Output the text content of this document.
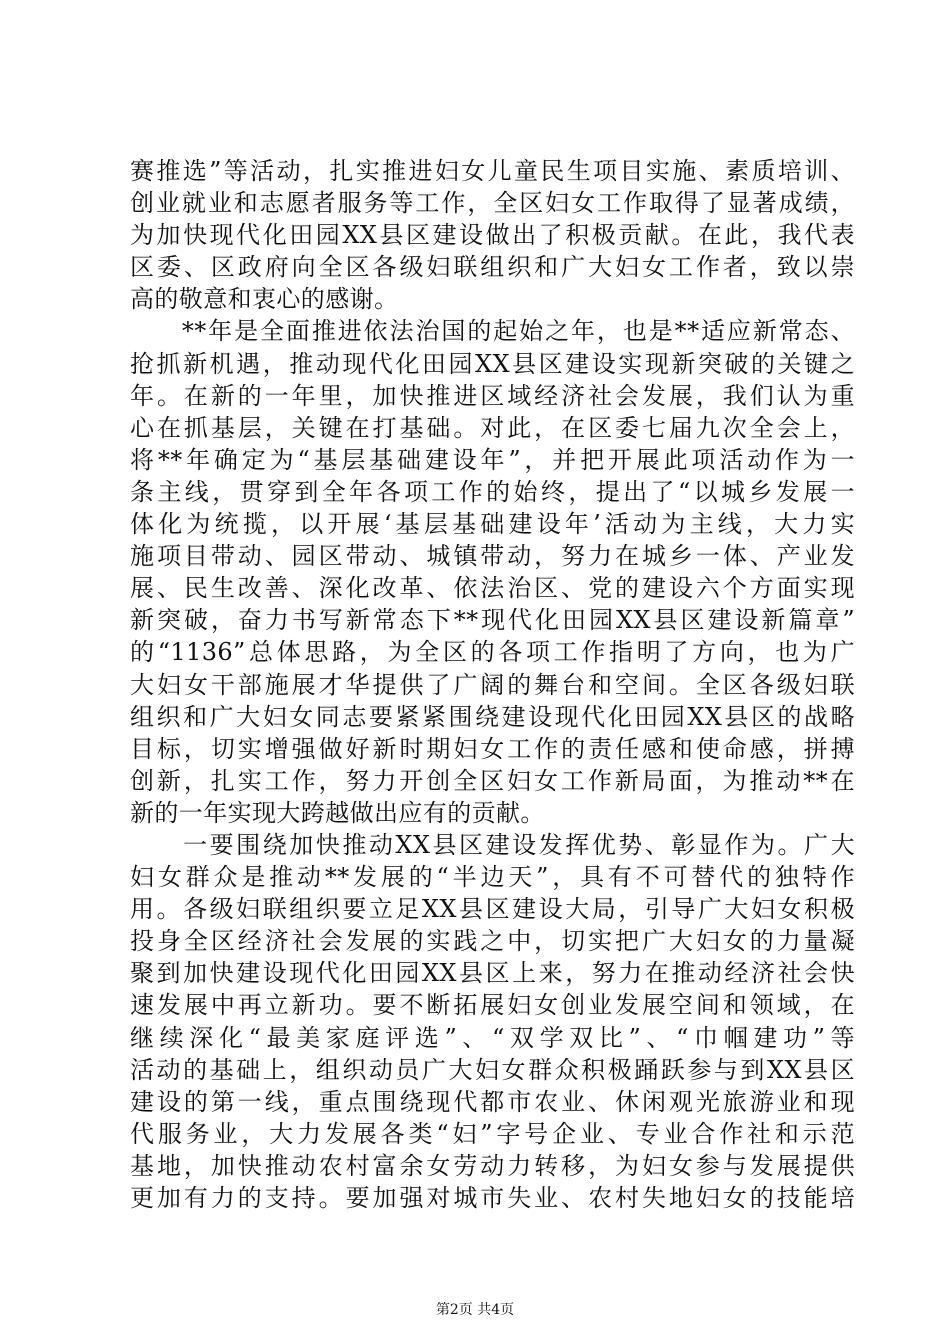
赛推选”等活动，扎实推进妇女儿童民生项目实施、素质培训、
创业就业和志愿者服务等工作，全区妇女工作取得了显著成绩，
为加快现代化田园XX县区建设做出了积极贡献。在此，我代表
区委、区政府向全区各级妇联组织和广大妇女工作者，致以崇
高的敬意和衷心的感谢。
　　**年是全面推进依法治国的起始之年，也是**适应新常态、
抢抓新机遇，推动现代化田园XX县区建设实现新突破的关键之
年。在新的一年里，加快推进区域经济社会发展，我们认为重
心在抓基层，关键在打基础。对此，在区委七届九次全会上，
将**年确定为“基层基础建设年”，并把开展此项活动作为一
条主线，贯穿到全年各项工作的始终，提出了“以城乡发展一
体化为统揽，以开展‘基层基础建设年’活动为主线，大力实
施项目带动、园区带动、城镇带动，努力在城乡一体、产业发
展、民生改善、深化改革、依法治区、党的建设六个方面实现
新突破，奋力书写新常态下**现代化田园XX县区建设新篇章”
的“1136”总体思路，为全区的各项工作指明了方向，也为广
大妇女干部施展才华提供了广阔的舞台和空间。全区各级妇联
组织和广大妇女同志要紧紧围绕建设现代化田园XX县区的战略
目标，切实增强做好新时期妇女工作的责任感和使命感，拼搏
创新，扎实工作，努力开创全区妇女工作新局面，为推动**在
新的一年实现大跨越做出应有的贡献。
　　一要围绕加快推动XX县区建设发挥优势、彰显作为。广大
妇女群众是推动**发展的“半边天”，具有不可替代的独特作
用。各级妇联组织要立足XX县区建设大局，引导广大妇女积极
投身全区经济社会发展的实践之中，切实把广大妇女的力量凝
聚到加快建设现代化田园XX县区上来，努力在推动经济社会快
速发展中再立新功。要不断拓展妇女创业发展空间和领域，在
继续深化“最美家庭评选”、“双学双比”、“巾帼建功”等
活动的基础上，组织动员广大妇女群众积极踊跃参与到XX县区
建设的第一线，重点围绕现代都市农业、休闲观光旅游业和现
代服务业，大力发展各类“妇”字号企业、专业合作社和示范
基地，加快推动农村富余女劳动力转移，为妇女参与发展提供
更加有力的支持。要加强对城市失业、农村失地妇女的技能培
第2页 共4页
